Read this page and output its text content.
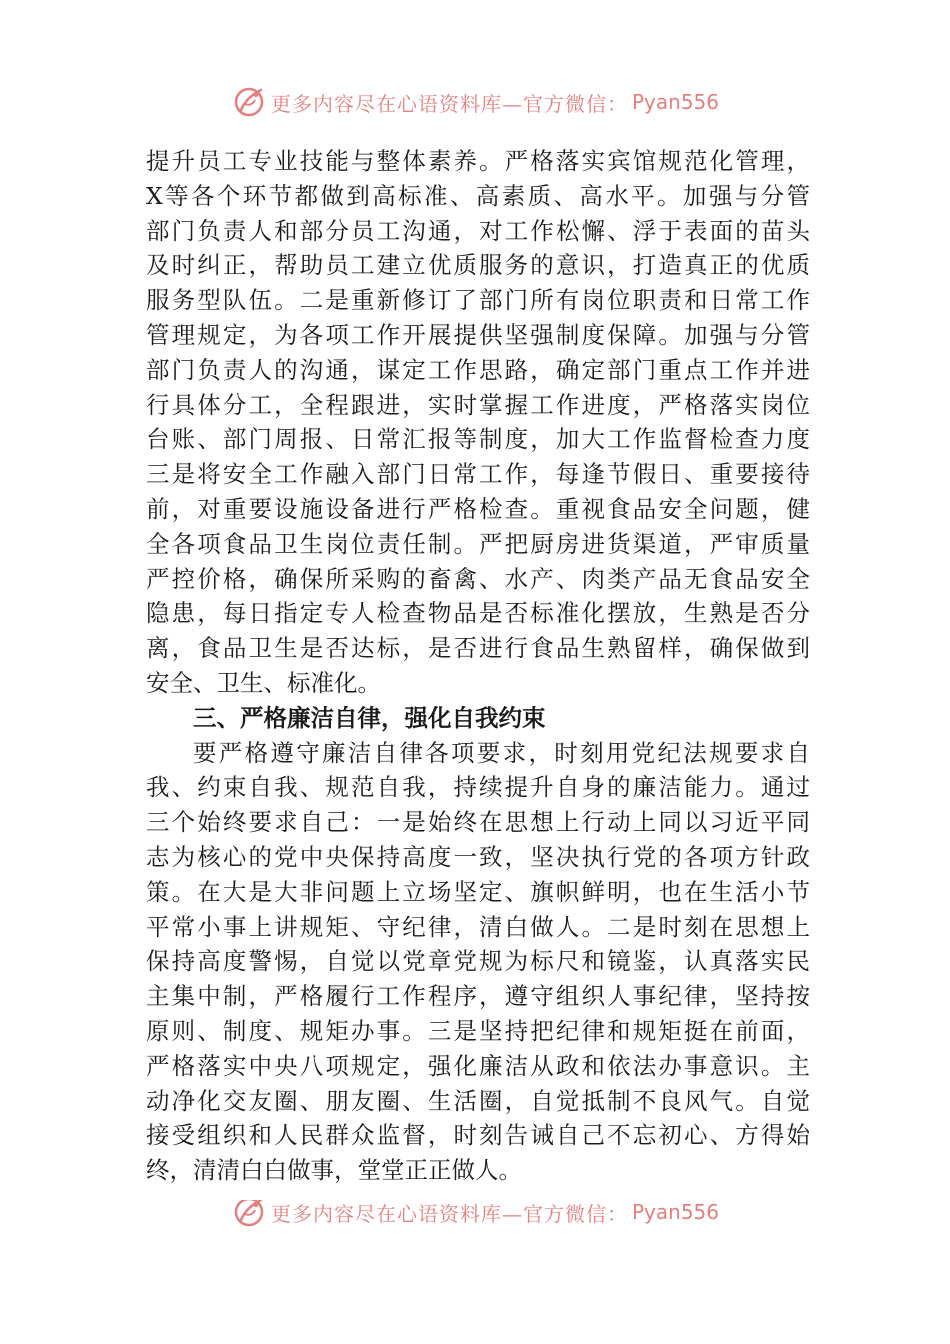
更多内容尽在心语资料库—官方微信： Pyan556
提升员工专业技能与整体素养。严格落实宾馆规范化管理，
X等各个环节都做到高标准、高素质、高水平。加强与分管
部门负责人和部分员工沟通，对工作松懈、浮于表面的苗头
及时纠正，帮助员工建立优质服务的意识，打造真正的优质
服务型队伍。二是重新修订了部门所有岗位职责和日常工作
管理规定，为各项工作开展提供坚强制度保障。加强与分管
部门负责人的沟通，谋定工作思路，确定部门重点工作并进
行具体分工，全程跟进，实时掌握工作进度，严格落实岗位
台账、部门周报、日常汇报等制度，加大工作监督检查力度
三是将安全工作融入部门日常工作，每逢节假日、重要接待
前，对重要设施设备进行严格检查。重视食品安全问题，健
全各项食品卫生岗位责任制。严把厨房进货渠道，严审质量
严控价格，确保所采购的畜禽、水产、肉类产品无食品安全
隐患，每日指定专人检查物品是否标准化摆放，生熟是否分
离，食品卫生是否达标，是否进行食品生熟留样，确保做到
安全、卫生、标准化。
三、严格廉洁自律，强化自我约束
要严格遵守廉洁自律各项要求，时刻用党纪法规要求自
我、约束自我、规范自我，持续提升自身的廉洁能力。通过
三个始终要求自己：一是始终在思想上行动上同以习近平同
志为核心的党中央保持高度一致，坚决执行党的各项方针政
策。在大是大非问题上立场坚定、旗帜鲜明，也在生活小节
平常小事上讲规矩、守纪律，清白做人。二是时刻在思想上
保持高度警惕，自觉以党章党规为标尺和镜鉴，认真落实民
主集中制，严格履行工作程序，遵守组织人事纪律，坚持按
原则、制度、规矩办事。三是坚持把纪律和规矩挺在前面，
严格落实中央八项规定，强化廉洁从政和依法办事意识。主
动净化交友圈、朋友圈、生活圈，自觉抵制不良风气。自觉
接受组织和人民群众监督，时刻告诫自己不忘初心、方得始
终，清清白白做事，堂堂正正做人。
更多内容尽在心语资料库—官方微信： Pyan556
